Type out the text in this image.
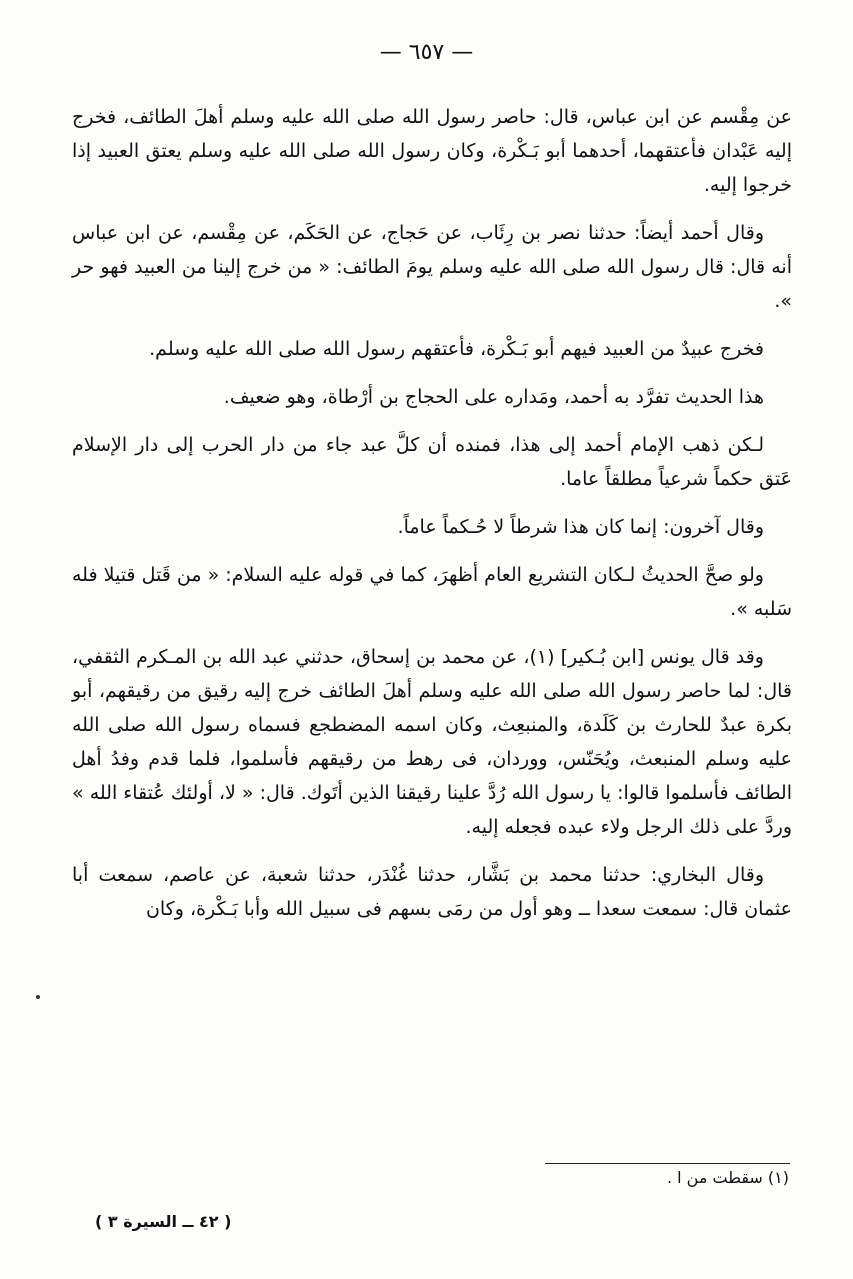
— ٦٥٧ —

عن مِقْسم عن ابن عباس، قال: حاصر رسول الله صلى الله عليه وسلم أهلَ الطائف، فخرج إليه عَبْدان فأعتقهما، أحدهما أبو بَـكْرة، وكان رسول الله صلى الله عليه وسلم يعتق العبيد إذا خرجوا إليه.

وقال أحمد أيضاً: حدثنا نصر بن رِئَاب، عن حَجاج، عن الحَكَم، عن مِقْسم، عن ابن عباس أنه قال: قال رسول الله صلى الله عليه وسلم يومَ الطائف: « من خرج إلينا من العبيد فهو حر ».

فخرج عبيدٌ من العبيد فيهم أبو بَـكْرة، فأعتقهم رسول الله صلى الله عليه وسلم.

هذا الحديث تفرَّد به أحمد، ومَداره على الحجاج بن أرْطاة، وهو ضعيف.

لـكن ذهب الإمام أحمد إلى هذا، فمنده أن كلَّ عبد جاء من دار الحرب إلى دار الإسلام عَتق حكماً شرعياً مطلقاً عاما.

وقال آخرون: إنما كان هذا شرطاً لا حُـكماً عاماً.

ولو صحَّ الحديثُ لـكان التشريع العام أظهرَ، كما في قوله عليه السلام: « من قَتل قتيلا فله سَلبه ».

وقد قال يونس [ابن بُـكير] (١)، عن محمد بن إسحاق، حدثني عبد الله بن المـكرم الثقفي، قال: لما حاصر رسول الله صلى الله عليه وسلم أهلَ الطائف خرج إليه رقيق من رقيقهم، أبو بكرة عبدٌ للحارث بن كَلَدة، والمنبعِث، وكان اسمه المضطجع فسماه رسول الله صلى الله عليه وسلم المنبعث، ويُحَنّس، ووردان، فى رهط من رقيقهم فأسلموا، فلما قدم وفدُ أهل الطائف فأسلموا قالوا: يا رسول الله رُدَّ علينا رقيقنا الذين أتَوك. قال: « لا، أولئك عُتقاء الله » وردَّ على ذلك الرجل ولاء عبده فجعله إليه.

وقال البخاري: حدثنا محمد بن بَشَّار، حدثنا غُنْدَر، حدثنا شعبة، عن عاصم، سمعت أبا عثمان قال: سمعت سعدا ــ وهو أول من رمَى بسهم فى سبيل الله وأبا بَـكْرة، وكان

(١) سقطت من ا .
( ٤٢ ــ السيرة ٣ )
